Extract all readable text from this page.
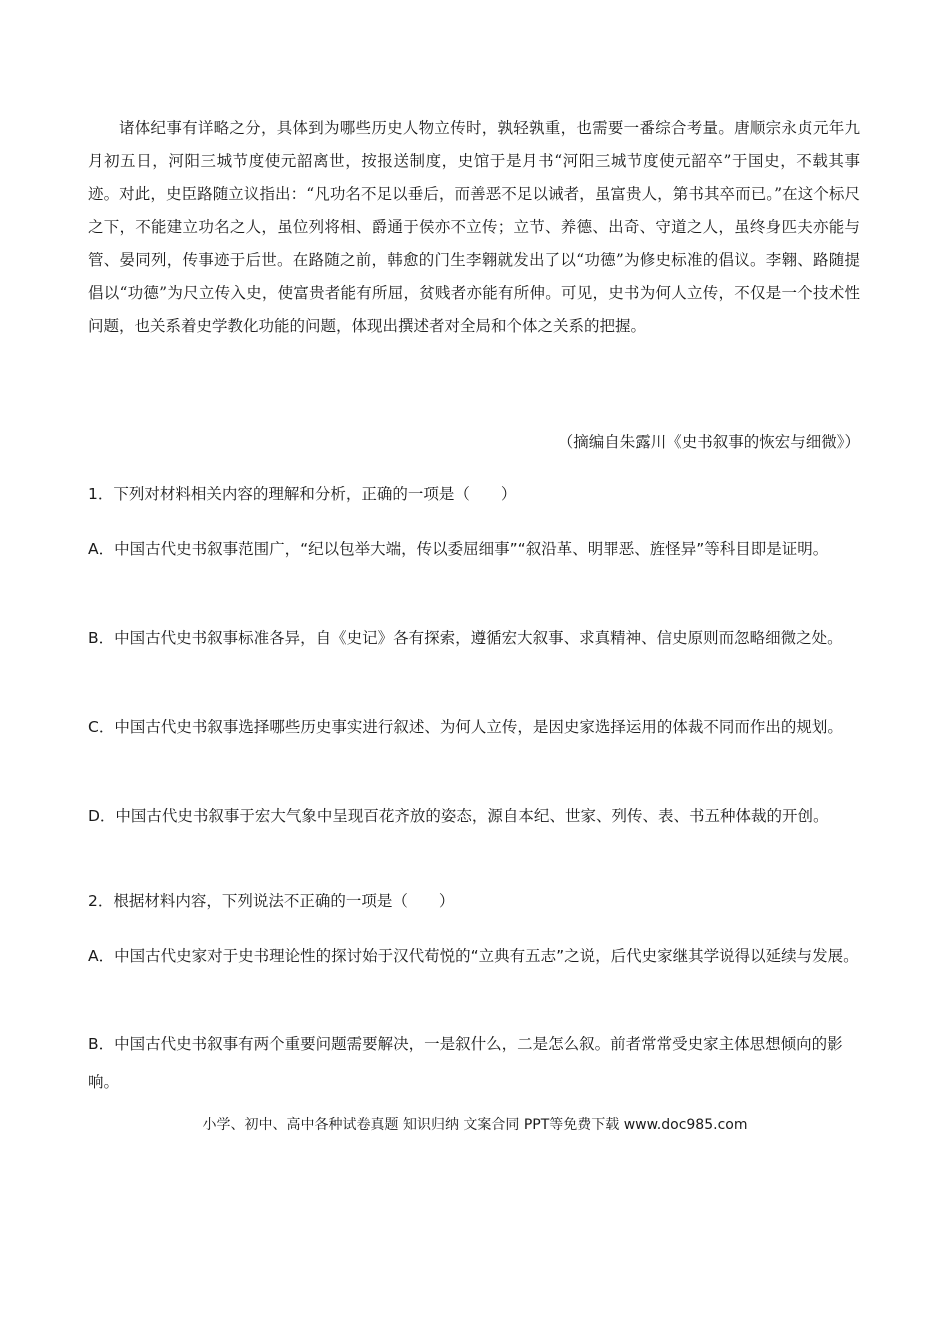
诸体纪事有详略之分，具体到为哪些历史人物立传时，孰轻孰重，也需要一番综合考量。唐顺宗永贞元年九月初五日，河阳三城节度使元韶离世，按报送制度，史馆于是月书“河阳三城节度使元韶卒”于国史，不载其事迹。对此，史臣路随立议指出：“凡功名不足以垂后，而善恶不足以诫者，虽富贵人，第书其卒而已。”在这个标尺之下，不能建立功名之人，虽位列将相、爵通于侯亦不立传；立节、养德、出奇、守道之人，虽终身匹夫亦能与管、晏同列，传事迹于后世。在路随之前，韩愈的门生李翱就发出了以“功德”为修史标准的倡议。李翱、路随提倡以“功德”为尺立传入史，使富贵者能有所屈，贫贱者亦能有所伸。可见，史书为何人立传，不仅是一个技术性问题，也关系着史学教化功能的问题，体现出撰述者对全局和个体之关系的把握。

（摘编自朱露川《史书叙事的恢宏与细微》）

1．下列对材料相关内容的理解和分析，正确的一项是（　　）

A．中国古代史书叙事范围广，“纪以包举大端，传以委屈细事”“叙沿革、明罪恶、旌怪异”等科目即是证明。

B．中国古代史书叙事标准各异，自《史记》各有探索，遵循宏大叙事、求真精神、信史原则而忽略细微之处。

C．中国古代史书叙事选择哪些历史事实进行叙述、为何人立传，是因史家选择运用的体裁不同而作出的规划。

D．中国古代史书叙事于宏大气象中呈现百花齐放的姿态，源自本纪、世家、列传、表、书五种体裁的开创。

2．根据材料内容，下列说法不正确的一项是（　　）

A．中国古代史家对于史书理论性的探讨始于汉代荀悦的“立典有五志”之说，后代史家继其学说得以延续与发展。

B．中国古代史书叙事有两个重要问题需要解决，一是叙什么，二是怎么叙。前者常常受史家主体思想倾向的影响。

小学、初中、高中各种试卷真题 知识归纳 文案合同 PPT等免费下载 www.doc985.com
